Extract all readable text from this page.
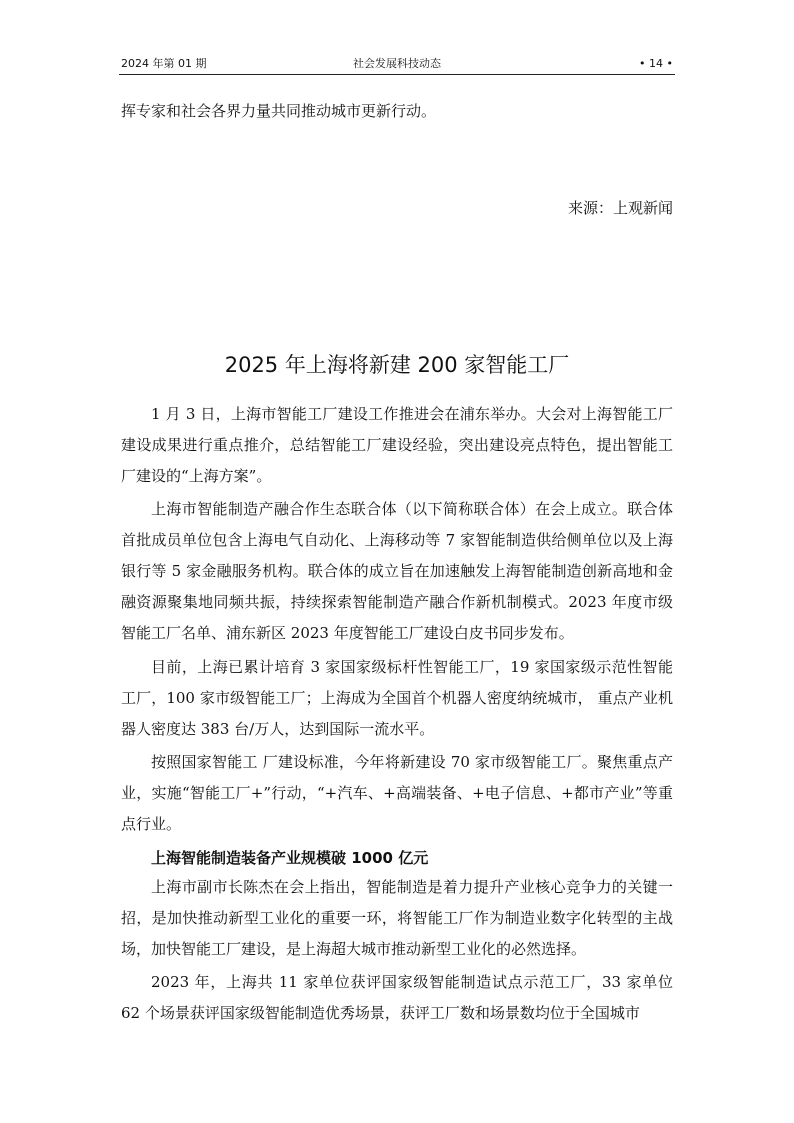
2024 年第 01 期	社会发展科技动态	• 14 •

挥专家和社会各界力量共同推动城市更新行动。

来源：上观新闻
2025 年上海将新建 200 家智能工厂

1 月 3 日，上海市智能工厂建设工作推进会在浦东举办。大会对上海智能工厂建设成果进行重点推介，总结智能工厂建设经验，突出建设亮点特色，提出智能工厂建设的“上海方案”。

上海市智能制造产融合作生态联合体（以下简称联合体）在会上成立。联合体首批成员单位包含上海电气自动化、上海移动等 7 家智能制造供给侧单位以及上海银行等 5 家金融服务机构。联合体的成立旨在加速触发上海智能制造创新高地和金融资源聚集地同频共振，持续探索智能制造产融合作新机制模式。2023 年度市级智能工厂名单、浦东新区 2023 年度智能工厂建设白皮书同步发布。

目前，上海已累计培育 3 家国家级标杆性智能工厂，19 家国家级示范性智能工厂，100 家市级智能工厂；上海成为全国首个机器人密度纳统城市， 重点产业机器人密度达 383 台/万人，达到国际一流水平。

按照国家智能工 厂建设标准，今年将新建设 70 家市级智能工厂。聚焦重点产业，实施“智能工厂+”行动，“+汽车、+高端装备、+电子信息、+都市产业”等重点行业。

上海智能制造装备产业规模破 1000 亿元

上海市副市长陈杰在会上指出，智能制造是着力提升产业核心竞争力的关键一招，是加快推动新型工业化的重要一环，将智能工厂作为制造业数字化转型的主战场，加快智能工厂建设，是上海超大城市推动新型工业化的必然选择。

2023 年，上海共 11 家单位获评国家级智能制造试点示范工厂，33 家单位 62 个场景获评国家级智能制造优秀场景，获评工厂数和场景数均位于全国城市
